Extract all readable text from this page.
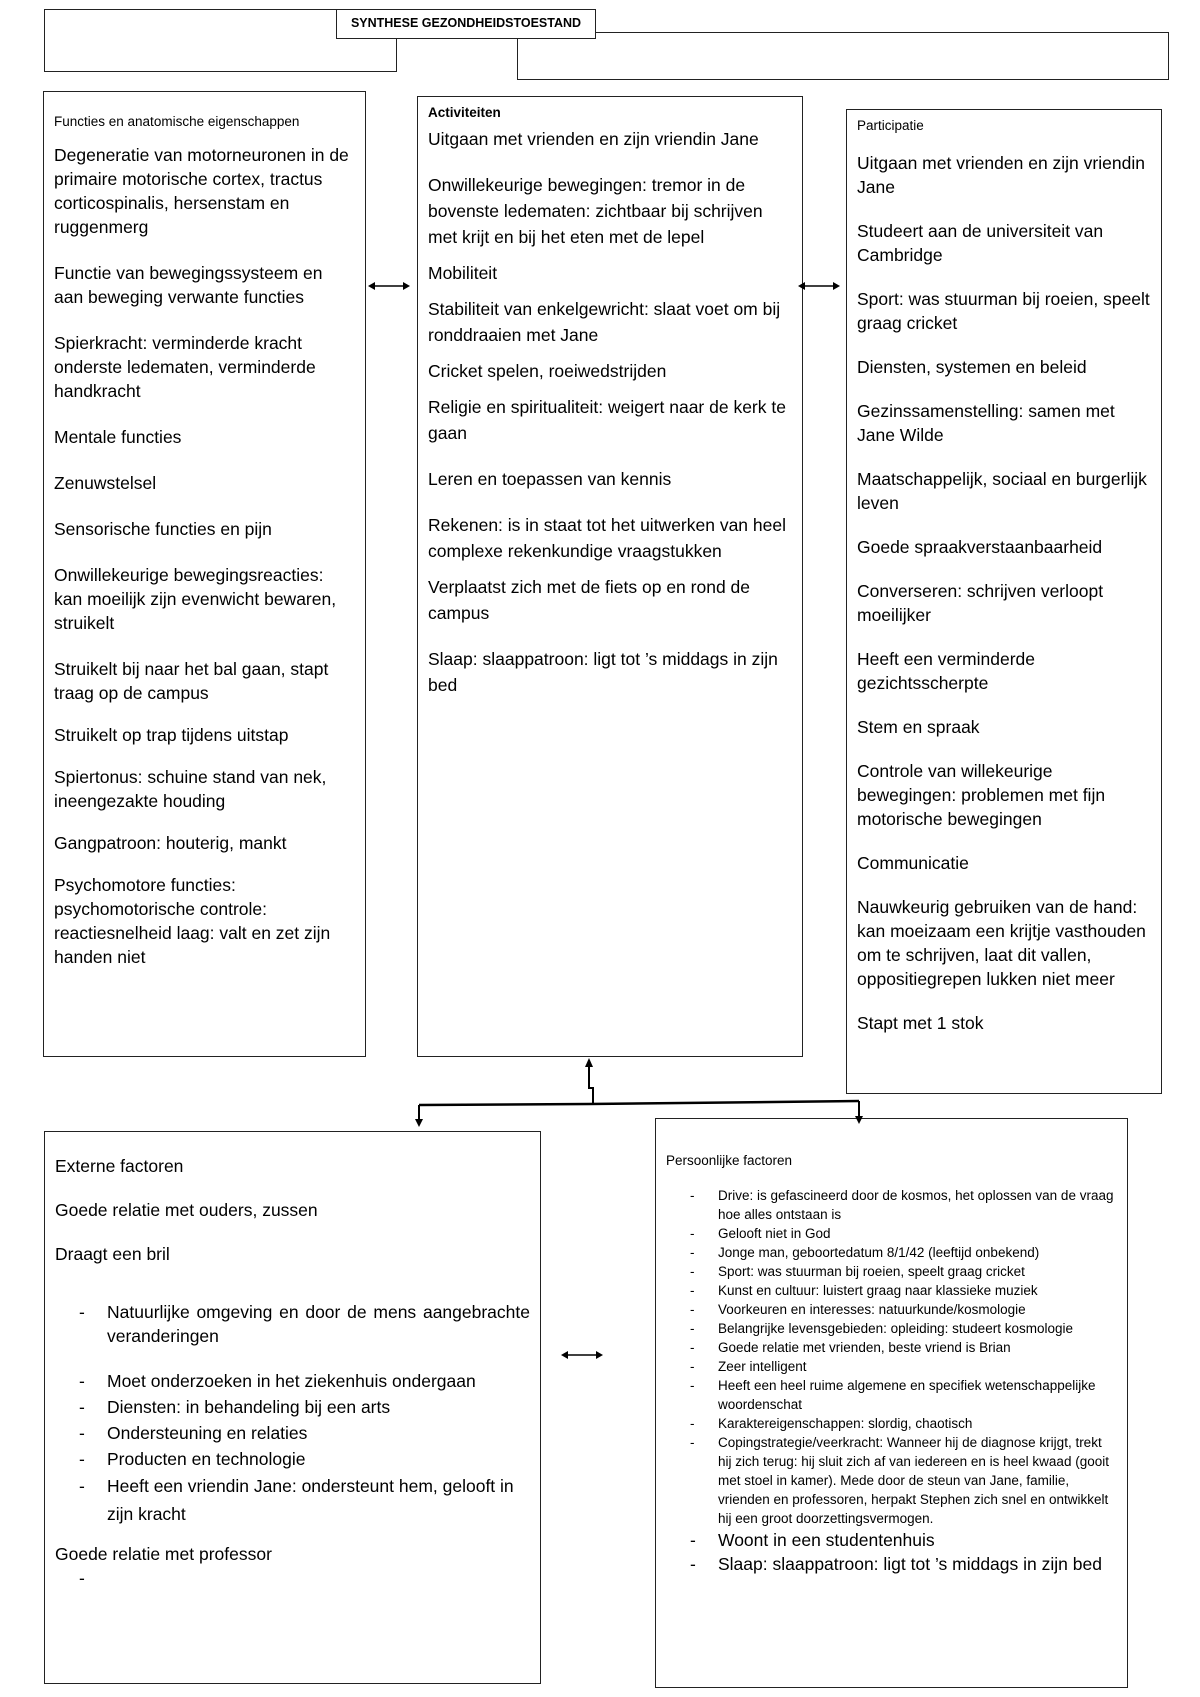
SYNTHESE GEZONDHEIDSTOESTAND
Functies en anatomische eigenschappen

Degeneratie van motorneuronen in de primaire motorische cortex, tractus corticospinalis, hersenstam en ruggenmerg

Functie van bewegingssysteem en aan beweging verwante functies

Spierkracht: verminderde kracht onderste ledematen, verminderde handkracht

Mentale functies

Zenuwstelsel

Sensorische functies en pijn

Onwillekeurige bewegingsreacties: kan moeilijk zijn evenwicht bewaren, struikelt

Struikelt bij naar het bal gaan, stapt traag op de campus

Struikelt op trap tijdens uitstap

Spiertonus: schuine stand van nek, ineengezakte houding

Gangpatroon: houterig, mankt

Psychomotore functies: psychomotorische controle: reactiesnelheid laag: valt en zet zijn handen niet

Activiteiten

Uitgaan met vrienden en zijn vriendin Jane

Onwillekeurige bewegingen: tremor in de bovenste ledematen: zichtbaar bij schrijven met krijt en bij het eten met de lepel

Mobiliteit

Stabiliteit van enkelgewricht: slaat voet om bij ronddraaien met Jane

Cricket spelen, roeiwedstrijden

Religie en spiritualiteit: weigert naar de kerk te gaan

Leren en toepassen van kennis

Rekenen: is in staat tot het uitwerken van heel complexe rekenkundige vraagstukken

Verplaatst zich met de fiets op en rond de campus

Slaap: slaappatroon: ligt tot ’s middags in zijn bed

Participatie

Uitgaan met vrienden en zijn vriendin Jane

Studeert aan de universiteit van Cambridge

Sport: was stuurman bij roeien, speelt graag cricket

Diensten, systemen en beleid

Gezinssamenstelling: samen met Jane Wilde

Maatschappelijk, sociaal en burgerlijk leven

Goede spraakverstaanbaarheid

Converseren: schrijven verloopt moeilijker

Heeft een verminderde gezichtsscherpte

Stem en spraak

Controle van willekeurige bewegingen: problemen met fijn motorische bewegingen

Communicatie

Nauwkeurig gebruiken van de hand: kan moeizaam een krijtje vasthouden om te schrijven, laat dit vallen, oppositiegrepen lukken niet meer

Stapt met 1 stok

Externe factoren

Goede relatie met ouders, zussen

Draagt een bril

- Natuurlijke omgeving en door de mens aangebrachte veranderingen
- Moet onderzoeken in het ziekenhuis ondergaan
- Diensten: in behandeling bij een arts
- Ondersteuning en relaties
- Producten en technologie
- Heeft een vriendin Jane: ondersteunt hem, gelooft in zijn kracht
Goede relatie met professor
-
Persoonlijke factoren
- Drive: is gefascineerd door de kosmos, het oplossen van de vraag hoe alles ontstaan is
- Gelooft niet in God
- Jonge man, geboortedatum 8/1/42 (leeftijd onbekend)
- Sport: was stuurman bij roeien, speelt graag cricket
- Kunst en cultuur: luistert graag naar klassieke muziek
- Voorkeuren en interesses: natuurkunde/kosmologie
- Belangrijke levensgebieden: opleiding: studeert kosmologie
- Goede relatie met vrienden, beste vriend is Brian
- Zeer intelligent
- Heeft een heel ruime algemene en specifiek wetenschappelijke woordenschat
- Karaktereigenschappen: slordig, chaotisch
- Copingstrategie/veerkracht: Wanneer hij de diagnose krijgt, trekt hij zich terug: hij sluit zich af van iedereen en is heel kwaad (gooit met stoel in kamer). Mede door de steun van Jane, familie, vrienden en professoren, herpakt Stephen zich snel en ontwikkelt hij een groot doorzettingsvermogen.
- Woont in een studentenhuis
- Slaap: slaappatroon: ligt tot ’s middags in zijn bed
